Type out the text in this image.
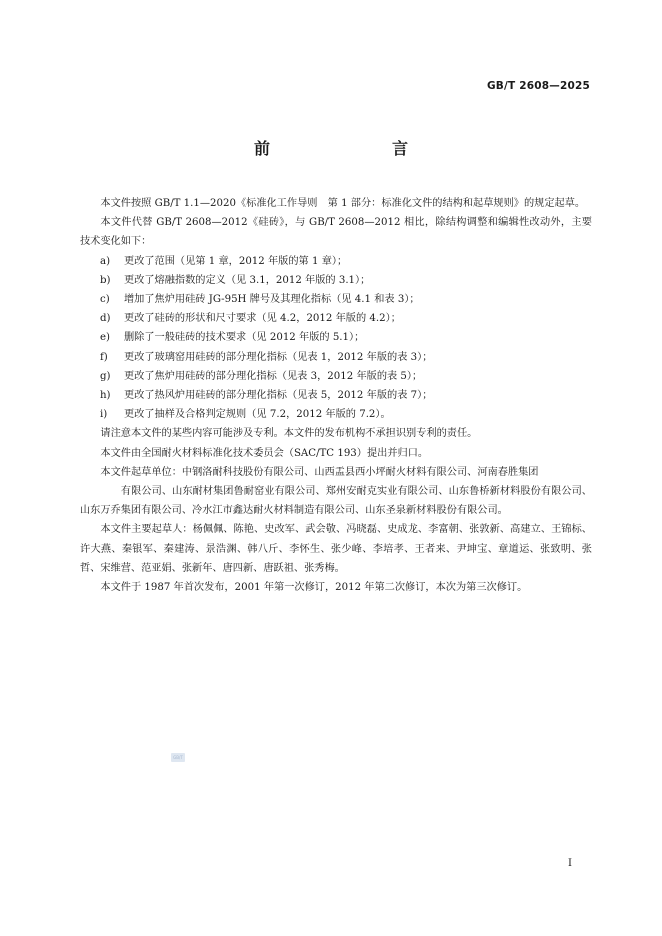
GB/T 2608—2025
前　　言

本文件按照 GB/T 1.1—2020《标准化工作导则　第 1 部分：标准化文件的结构和起草规则》的规定起草。

本文件代替 GB/T 2608—2012《硅砖》，与 GB/T 2608—2012 相比，除结构调整和编辑性改动外，主要技术变化如下：

a) 更改了范围（见第 1 章，2012 年版的第 1 章）；

b) 更改了熔融指数的定义（见 3.1，2012 年版的 3.1）；

c) 增加了焦炉用硅砖 JG-95H 牌号及其理化指标（见 4.1 和表 3）；

d) 更改了硅砖的形状和尺寸要求（见 4.2，2012 年版的 4.2）；

e) 删除了一般硅砖的技术要求（见 2012 年版的 5.1）；

f) 更改了玻璃窑用硅砖的部分理化指标（见表 1，2012 年版的表 3）；

g) 更改了焦炉用硅砖的部分理化指标（见表 3，2012 年版的表 5）；

h) 更改了热风炉用硅砖的部分理化指标（见表 5，2012 年版的表 7）；

i) 更改了抽样及合格判定规则（见 7.2，2012 年版的 7.2）。

请注意本文件的某些内容可能涉及专利。本文件的发布机构不承担识别专利的责任。

本文件由全国耐火材料标准化技术委员会（SAC/TC 193）提出并归口。

本文件起草单位：中钢洛耐科技股份有限公司、山西盂县西小坪耐火材料有限公司、河南春胜集团

有限公司、山东耐材集团鲁耐窑业有限公司、郑州安耐克实业有限公司、山东鲁桥新材料股份有限公司、山东万乔集团有限公司、冷水江市鑫达耐火材料制造有限公司、山东圣泉新材料股份有限公司。

本文件主要起草人：杨佩佩、陈艳、史改军、武会敬、冯晓磊、史成龙、李富朝、张敦新、高建立、王锦标、许大燕、秦银军、秦建涛、景浩渊、韩八斤、李怀生、张少峰、李培孝、王者来、尹坤宝、章道运、张致明、张哲、宋维营、范亚娟、张新年、唐四新、唐跃祖、张秀梅。

本文件于 1987 年首次发布，2001 年第一次修订，2012 年第二次修订，本次为第三次修订。

GB/T
I
